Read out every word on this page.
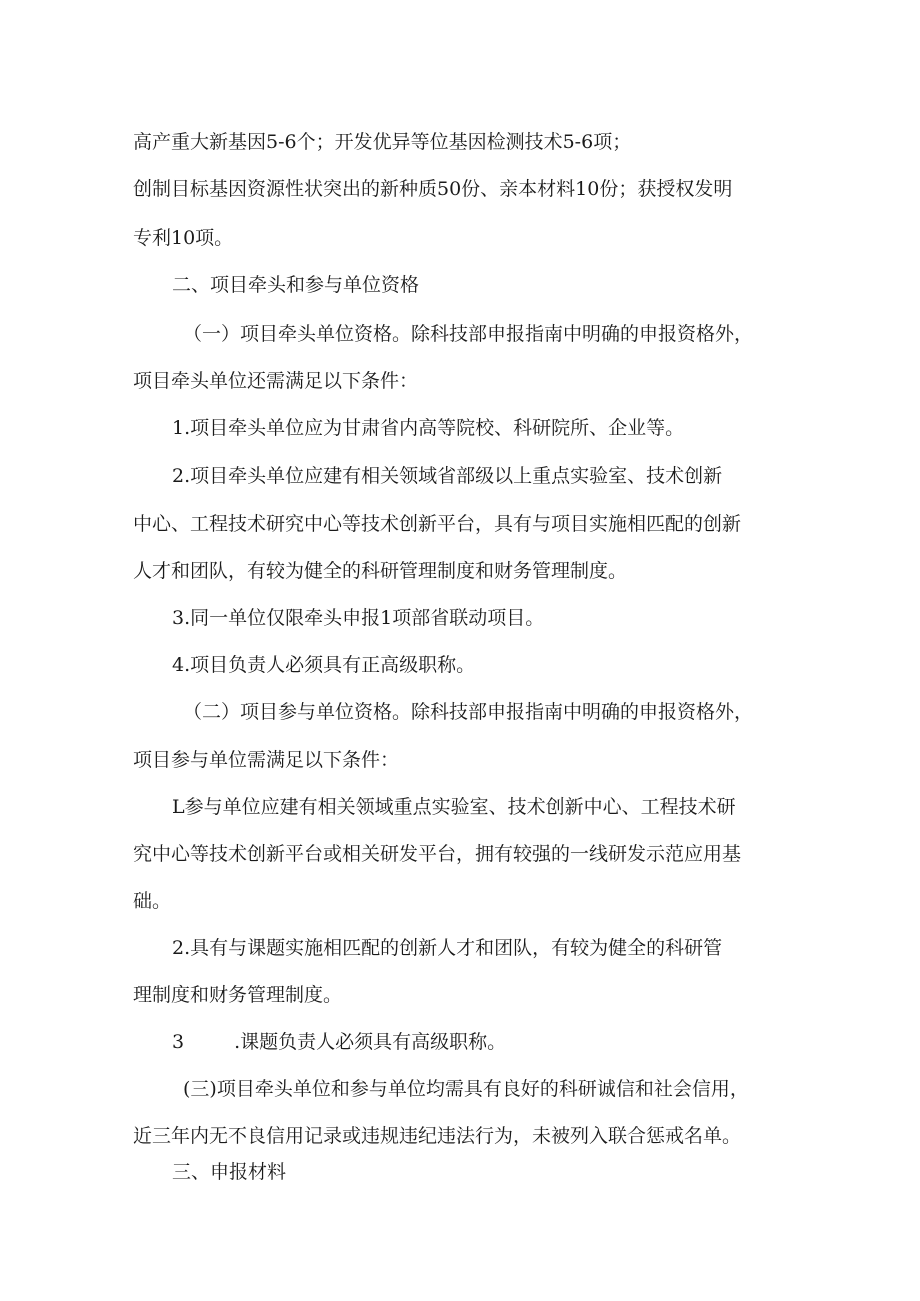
高产重大新基因5-6个；开发优异等位基因检测技术5-6项；
创制目标基因资源性状突出的新种质50份、亲本材料10份；获授权发明
专利10项。
二、项目牵头和参与单位资格
（一）项目牵头单位资格。除科技部申报指南中明确的申报资格外，
项目牵头单位还需满足以下条件：
1.项目牵头单位应为甘肃省内高等院校、科研院所、企业等。
2.项目牵头单位应建有相关领域省部级以上重点实验室、技术创新
中心、工程技术研究中心等技术创新平台，具有与项目实施相匹配的创新
人才和团队，有较为健全的科研管理制度和财务管理制度。
3.同一单位仅限牵头申报1项部省联动项目。
4.项目负责人必须具有正高级职称。
（二）项目参与单位资格。除科技部申报指南中明确的申报资格外，
项目参与单位需满足以下条件：
L参与单位应建有相关领域重点实验室、技术创新中心、工程技术研
究中心等技术创新平台或相关研发平台，拥有较强的一线研发示范应用基
础。
2.具有与课题实施相匹配的创新人才和团队，有较为健全的科研管
理制度和财务管理制度。
3	.课题负责人必须具有高级职称。
(三)项目牵头单位和参与单位均需具有良好的科研诚信和社会信用，
近三年内无不良信用记录或违规违纪违法行为，未被列入联合惩戒名单。
三、申报材料
